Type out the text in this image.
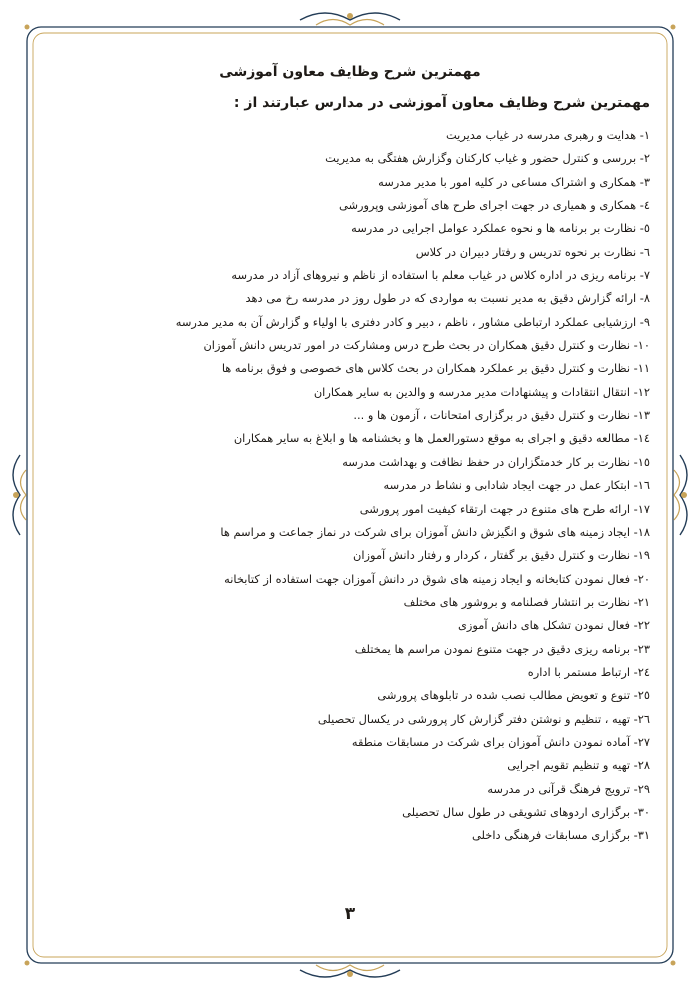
مهمترین شرح وظایف معاون آموزشی
مهمترین شرح وظایف معاون آموزشی در مدارس عبارتند از :
۱- هدایت و رهبری مدرسه در غیاب مدیریت
۲- بررسی و کنترل حضور و غیاب کارکنان وگزارش هفتگی به مدیریت
۳- همکاری و اشتراک مساعی در کلیه امور با مدیر مدرسه
٤- همکاری و همیاری در جهت اجرای طرح های آموزشی وپرورشی
٥- نظارت بر برنامه ها و نحوه عملکرد عوامل اجرایی در مدرسه
٦- نظارت بر نحوه تدریس و رفتار دبیران در کلاس
۷- برنامه ریزی در اداره کلاس در غیاب معلم با استفاده از ناظم و نیروهای آزاد در مدرسه
۸- ارائه گزارش دقیق به مدیر نسبت به مواردی که در طول روز در مدرسه رخ می دهد
۹- ارزشیابی عملکرد ارتباطی مشاور ، ناظم ، دبیر و کادر دفتری با اولیاء و گزارش آن به مدیر مدرسه
۱۰- نظارت و کنترل دقیق همکاران در بحث طرح درس ومشارکت در امور تدریس دانش آموزان
۱۱- نظارت و کنترل دقیق بر عملکرد همکاران در بحث کلاس های خصوصی و فوق برنامه ها
۱۲- انتقال انتقادات و پیشنهادات مدیر مدرسه و والدین به سایر همکاران
۱۳- نظارت و کنترل دقیق در برگزاری امتحانات ، آزمون ها و ...
١٤- مطالعه دقیق و اجرای به موقع دستورالعمل ها و بخشنامه ها و ابلاغ به سایر همکاران
١٥- نظارت بر کار خدمتگزاران در حفظ نظافت و بهداشت مدرسه
١٦- ابتکار عمل در جهت ایجاد شادابی و نشاط در مدرسه
١٧- ارائه طرح های متنوع در جهت ارتقاء کیفیت امور پرورشی
١٨- ایجاد زمینه های شوق و انگیزش دانش آموزان برای شرکت در نماز جماعت و مراسم ها
١٩- نظارت و کنترل دقیق بر گفتار ، کردار و رفتار دانش آموزان
۲۰- فعال نمودن کتابخانه و ایجاد زمینه های شوق در دانش آموزان جهت استفاده از کتابخانه
۲۱- نظارت بر انتشار فصلنامه و بروشور های مختلف
۲۲- فعال نمودن تشکل های دانش آموزی
۲۳- برنامه ریزی دقیق در جهت متنوع نمودن مراسم ها یمختلف
۲٤- ارتباط مستمر با اداره
۲٥- تنوع و تعویض مطالب نصب شده در تابلوهای پرورشی
۲٦- تهیه ، تنظیم و نوشتن دفتر گزارش کار پرورشی در یکسال تحصیلی
۲۷- آماده نمودن دانش آموزان برای شرکت در مسابقات منطقه
۲۸- تهیه و تنظیم تقویم اجرایی
۲۹- ترویج فرهنگ قرآنی در مدرسه
۳۰- برگزاری اردوهای تشویقی در طول سال تحصیلی
۳۱- برگزاری مسابقات فرهنگی داخلی
٣
